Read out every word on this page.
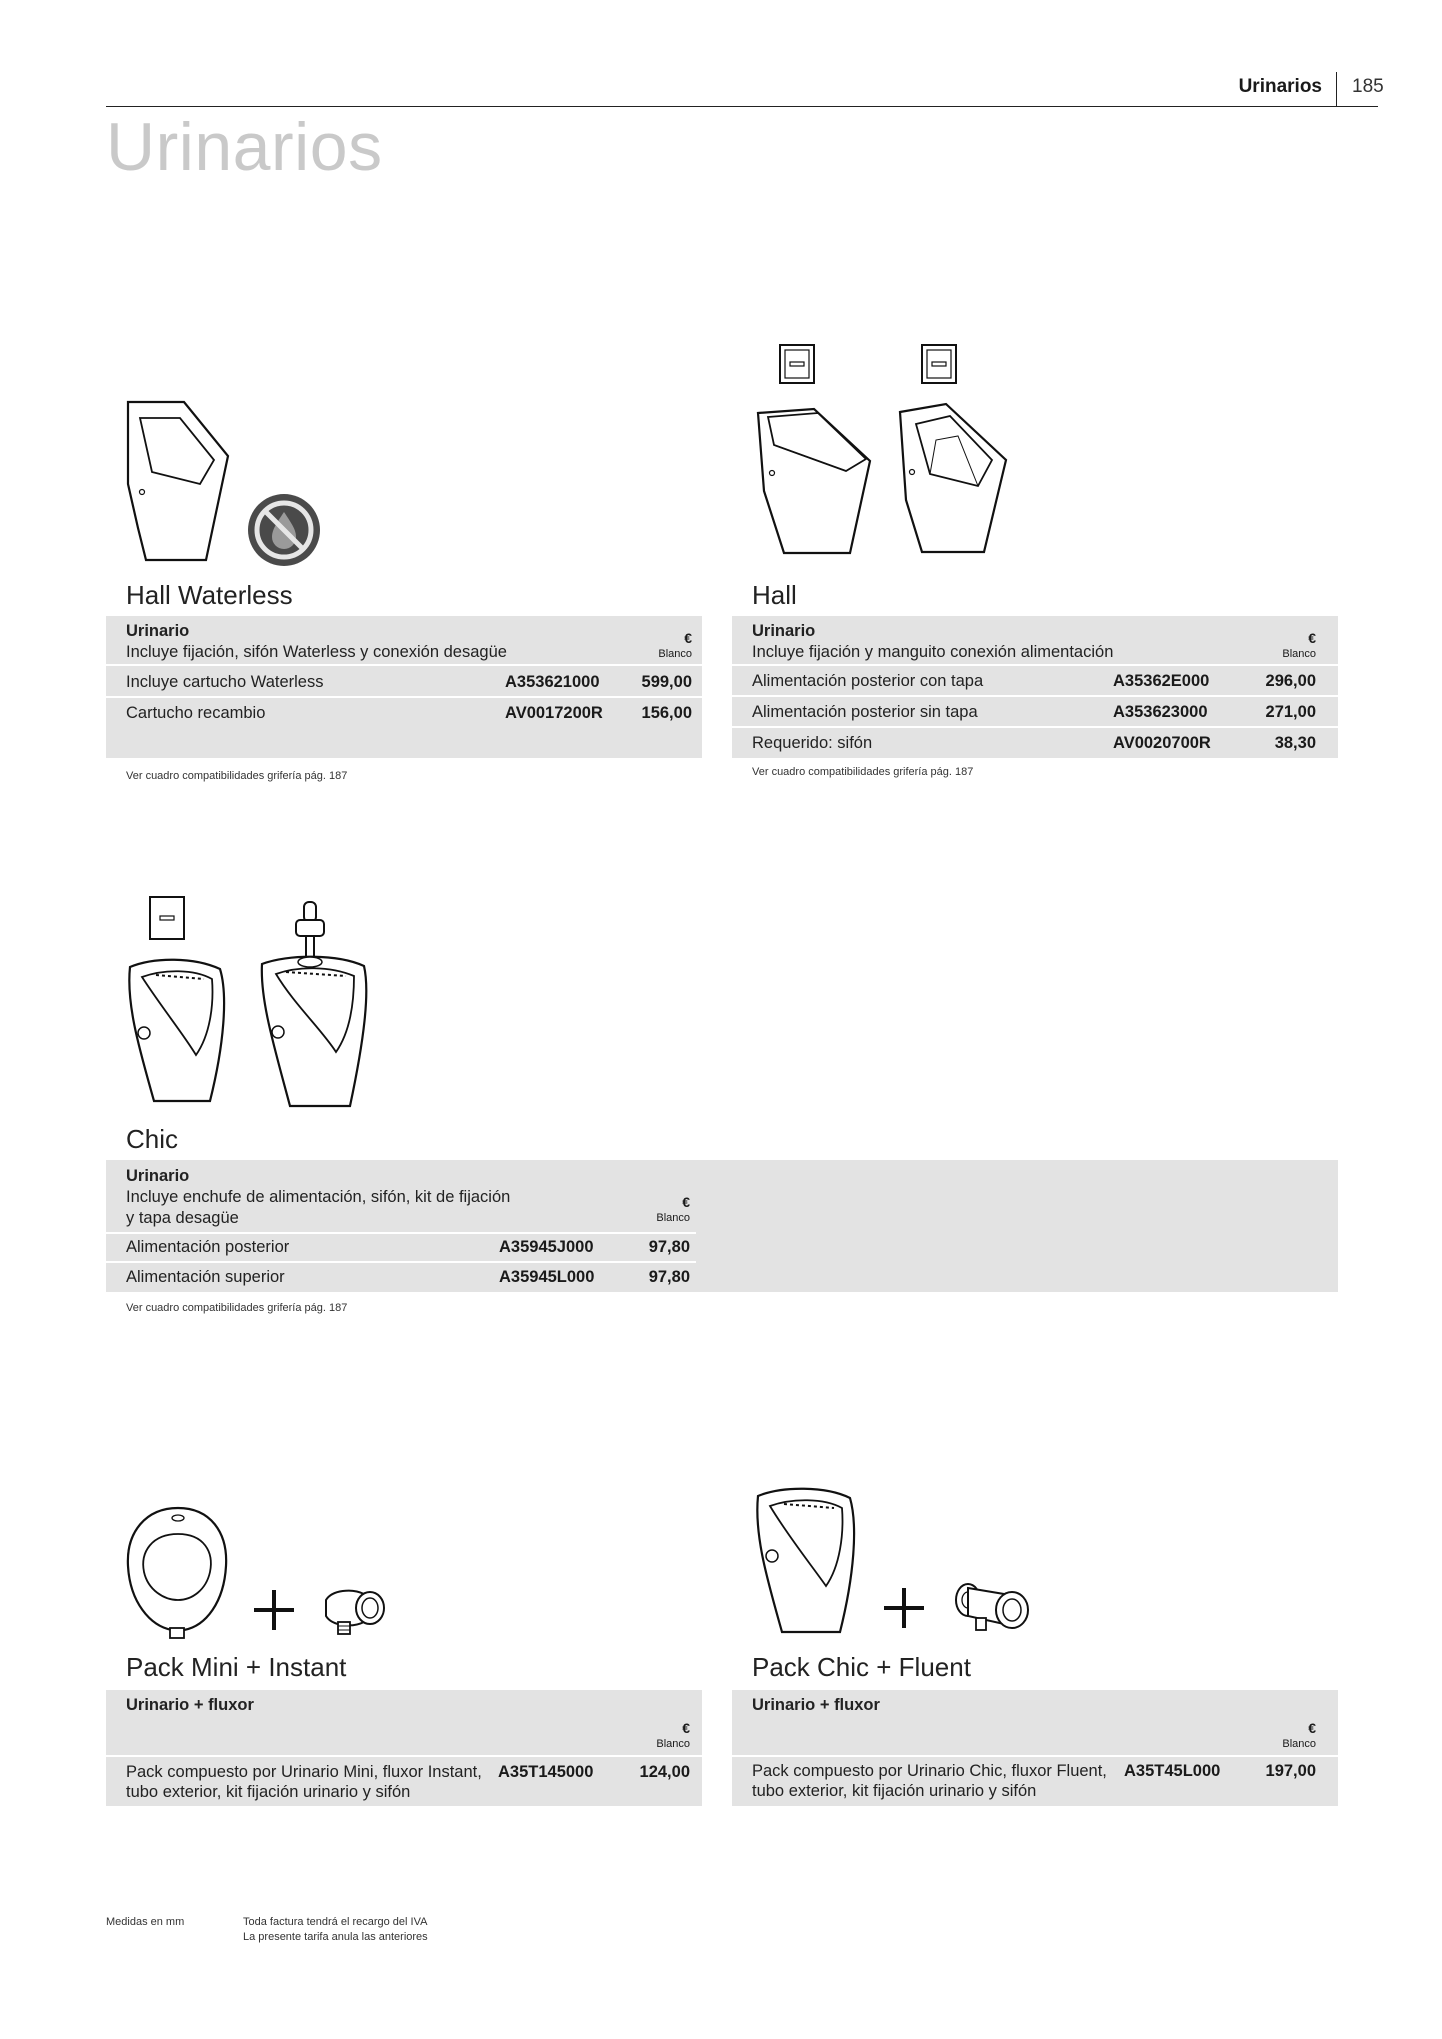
Urinarios 185
Urinarios
Hall Waterless
Urinario
Incluye fijación, sifón Waterless y conexión desagüe
€
Blanco
Incluye cartucho Waterless	A353621000	599,00
Cartucho recambio	AV0017200R	156,00
Ver cuadro compatibilidades grifería pág. 187
Hall
Urinario
Incluye fijación y manguito conexión alimentación
€
Blanco
Alimentación posterior con tapa	A35362E000	296,00
Alimentación posterior sin tapa	A353623000	271,00
Requerido: sifón	AV0020700R	38,30
Ver cuadro compatibilidades grifería pág. 187
Chic
Urinario
Incluye enchufe de alimentación, sifón, kit de fijación
y tapa desagüe
€
Blanco
Alimentación posterior	A35945J000	97,80
Alimentación superior	A35945L000	97,80
Ver cuadro compatibilidades grifería pág. 187
Pack Mini + Instant
Urinario + fluxor
€
Blanco
Pack compuesto por Urinario Mini, fluxor Instant,
tubo exterior, kit fijación urinario y sifón
A35T145000	124,00
Pack Chic + Fluent
Urinario + fluxor
€
Blanco
Pack compuesto por Urinario Chic, fluxor Fluent,
tubo exterior, kit fijación urinario y sifón
A35T45L000	197,00
Medidas en mm	Toda factura tendrá el recargo del IVA
La presente tarifa anula las anteriores
